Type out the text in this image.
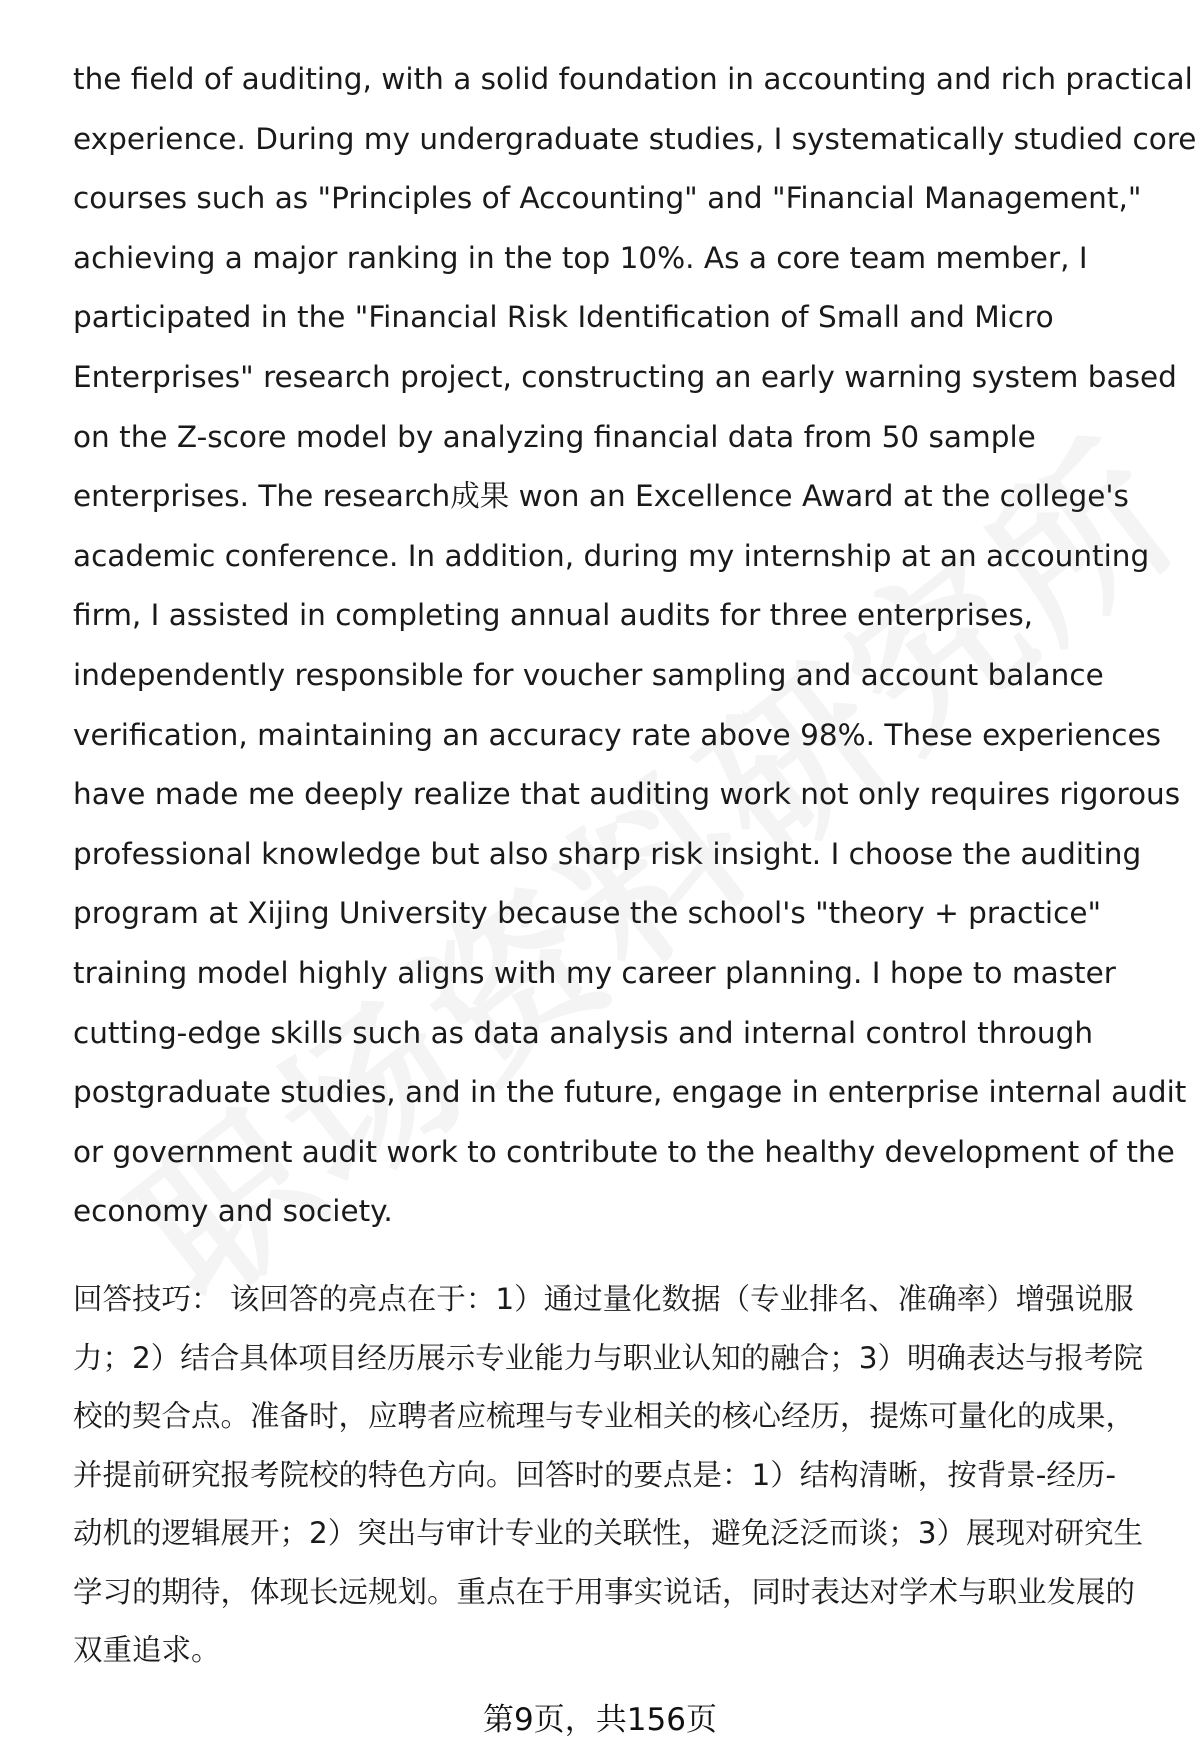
the field of auditing, with a solid foundation in accounting and rich practical
experience. During my undergraduate studies, I systematically studied core
courses such as "Principles of Accounting" and "Financial Management,"
achieving a major ranking in the top 10%. As a core team member, I
participated in the "Financial Risk Identification of Small and Micro
Enterprises" research project, constructing an early warning system based
on the Z-score model by analyzing financial data from 50 sample
enterprises. The research成果 won an Excellence Award at the college's
academic conference. In addition, during my internship at an accounting
firm, I assisted in completing annual audits for three enterprises,
independently responsible for voucher sampling and account balance
verification, maintaining an accuracy rate above 98%. These experiences
have made me deeply realize that auditing work not only requires rigorous
professional knowledge but also sharp risk insight. I choose the auditing
program at Xijing University because the school's "theory + practice"
training model highly aligns with my career planning. I hope to master
cutting-edge skills such as data analysis and internal control through
postgraduate studies, and in the future, engage in enterprise internal audit
or government audit work to contribute to the healthy development of the
economy and society.

回答技巧： 该回答的亮点在于：1）通过量化数据（专业排名、准确率）增强说服
力；2）结合具体项目经历展示专业能力与职业认知的融合；3）明确表达与报考院
校的契合点。准备时，应聘者应梳理与专业相关的核心经历，提炼可量化的成果，
并提前研究报考院校的特色方向。回答时的要点是：1）结构清晰，按背景-经历-
动机的逻辑展开；2）突出与审计专业的关联性，避免泛泛而谈；3）展现对研究生
学习的期待，体现长远规划。重点在于用事实说话，同时表达对学术与职业发展的
双重追求。

第9页，共156页
